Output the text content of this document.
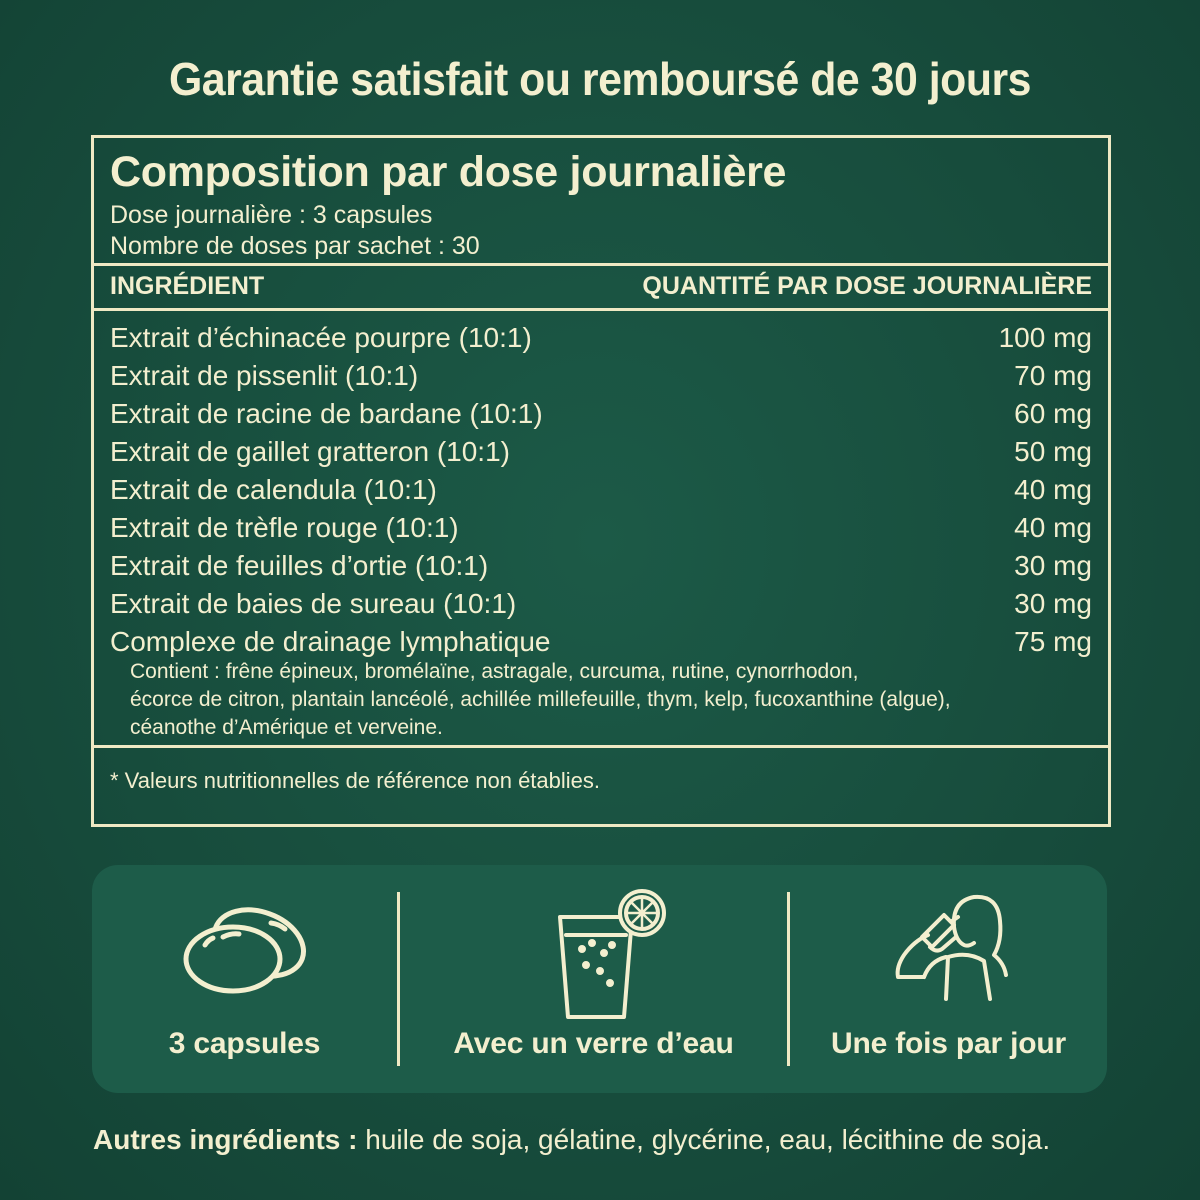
Garantie satisfait ou remboursé de 30 jours
Composition par dose journalière
Dose journalière : 3 capsules
Nombre de doses par sachet : 30
INGRÉDIENT	QUANTITÉ PAR DOSE JOURNALIÈRE
Extrait d’échinacée pourpre (10:1)	100 mg
Extrait de pissenlit (10:1)	70 mg
Extrait de racine de bardane (10:1)	60 mg
Extrait de gaillet gratteron (10:1)	50 mg
Extrait de calendula (10:1)	40 mg
Extrait de trèfle rouge (10:1)	40 mg
Extrait de feuilles d’ortie (10:1)	30 mg
Extrait de baies de sureau (10:1)	30 mg
Complexe de drainage lymphatique	75 mg
Contient : frêne épineux, bromélaïne, astragale, curcuma, rutine, cynorrhodon,
écorce de citron, plantain lancéolé, achillée millefeuille, thym, kelp, fucoxanthine (algue),
céanothe d’Amérique et verveine.
* Valeurs nutritionnelles de référence non établies.
3 capsules	Avec un verre d’eau	Une fois par jour
Autres ingrédients : huile de soja, gélatine, glycérine, eau, lécithine de soja.
